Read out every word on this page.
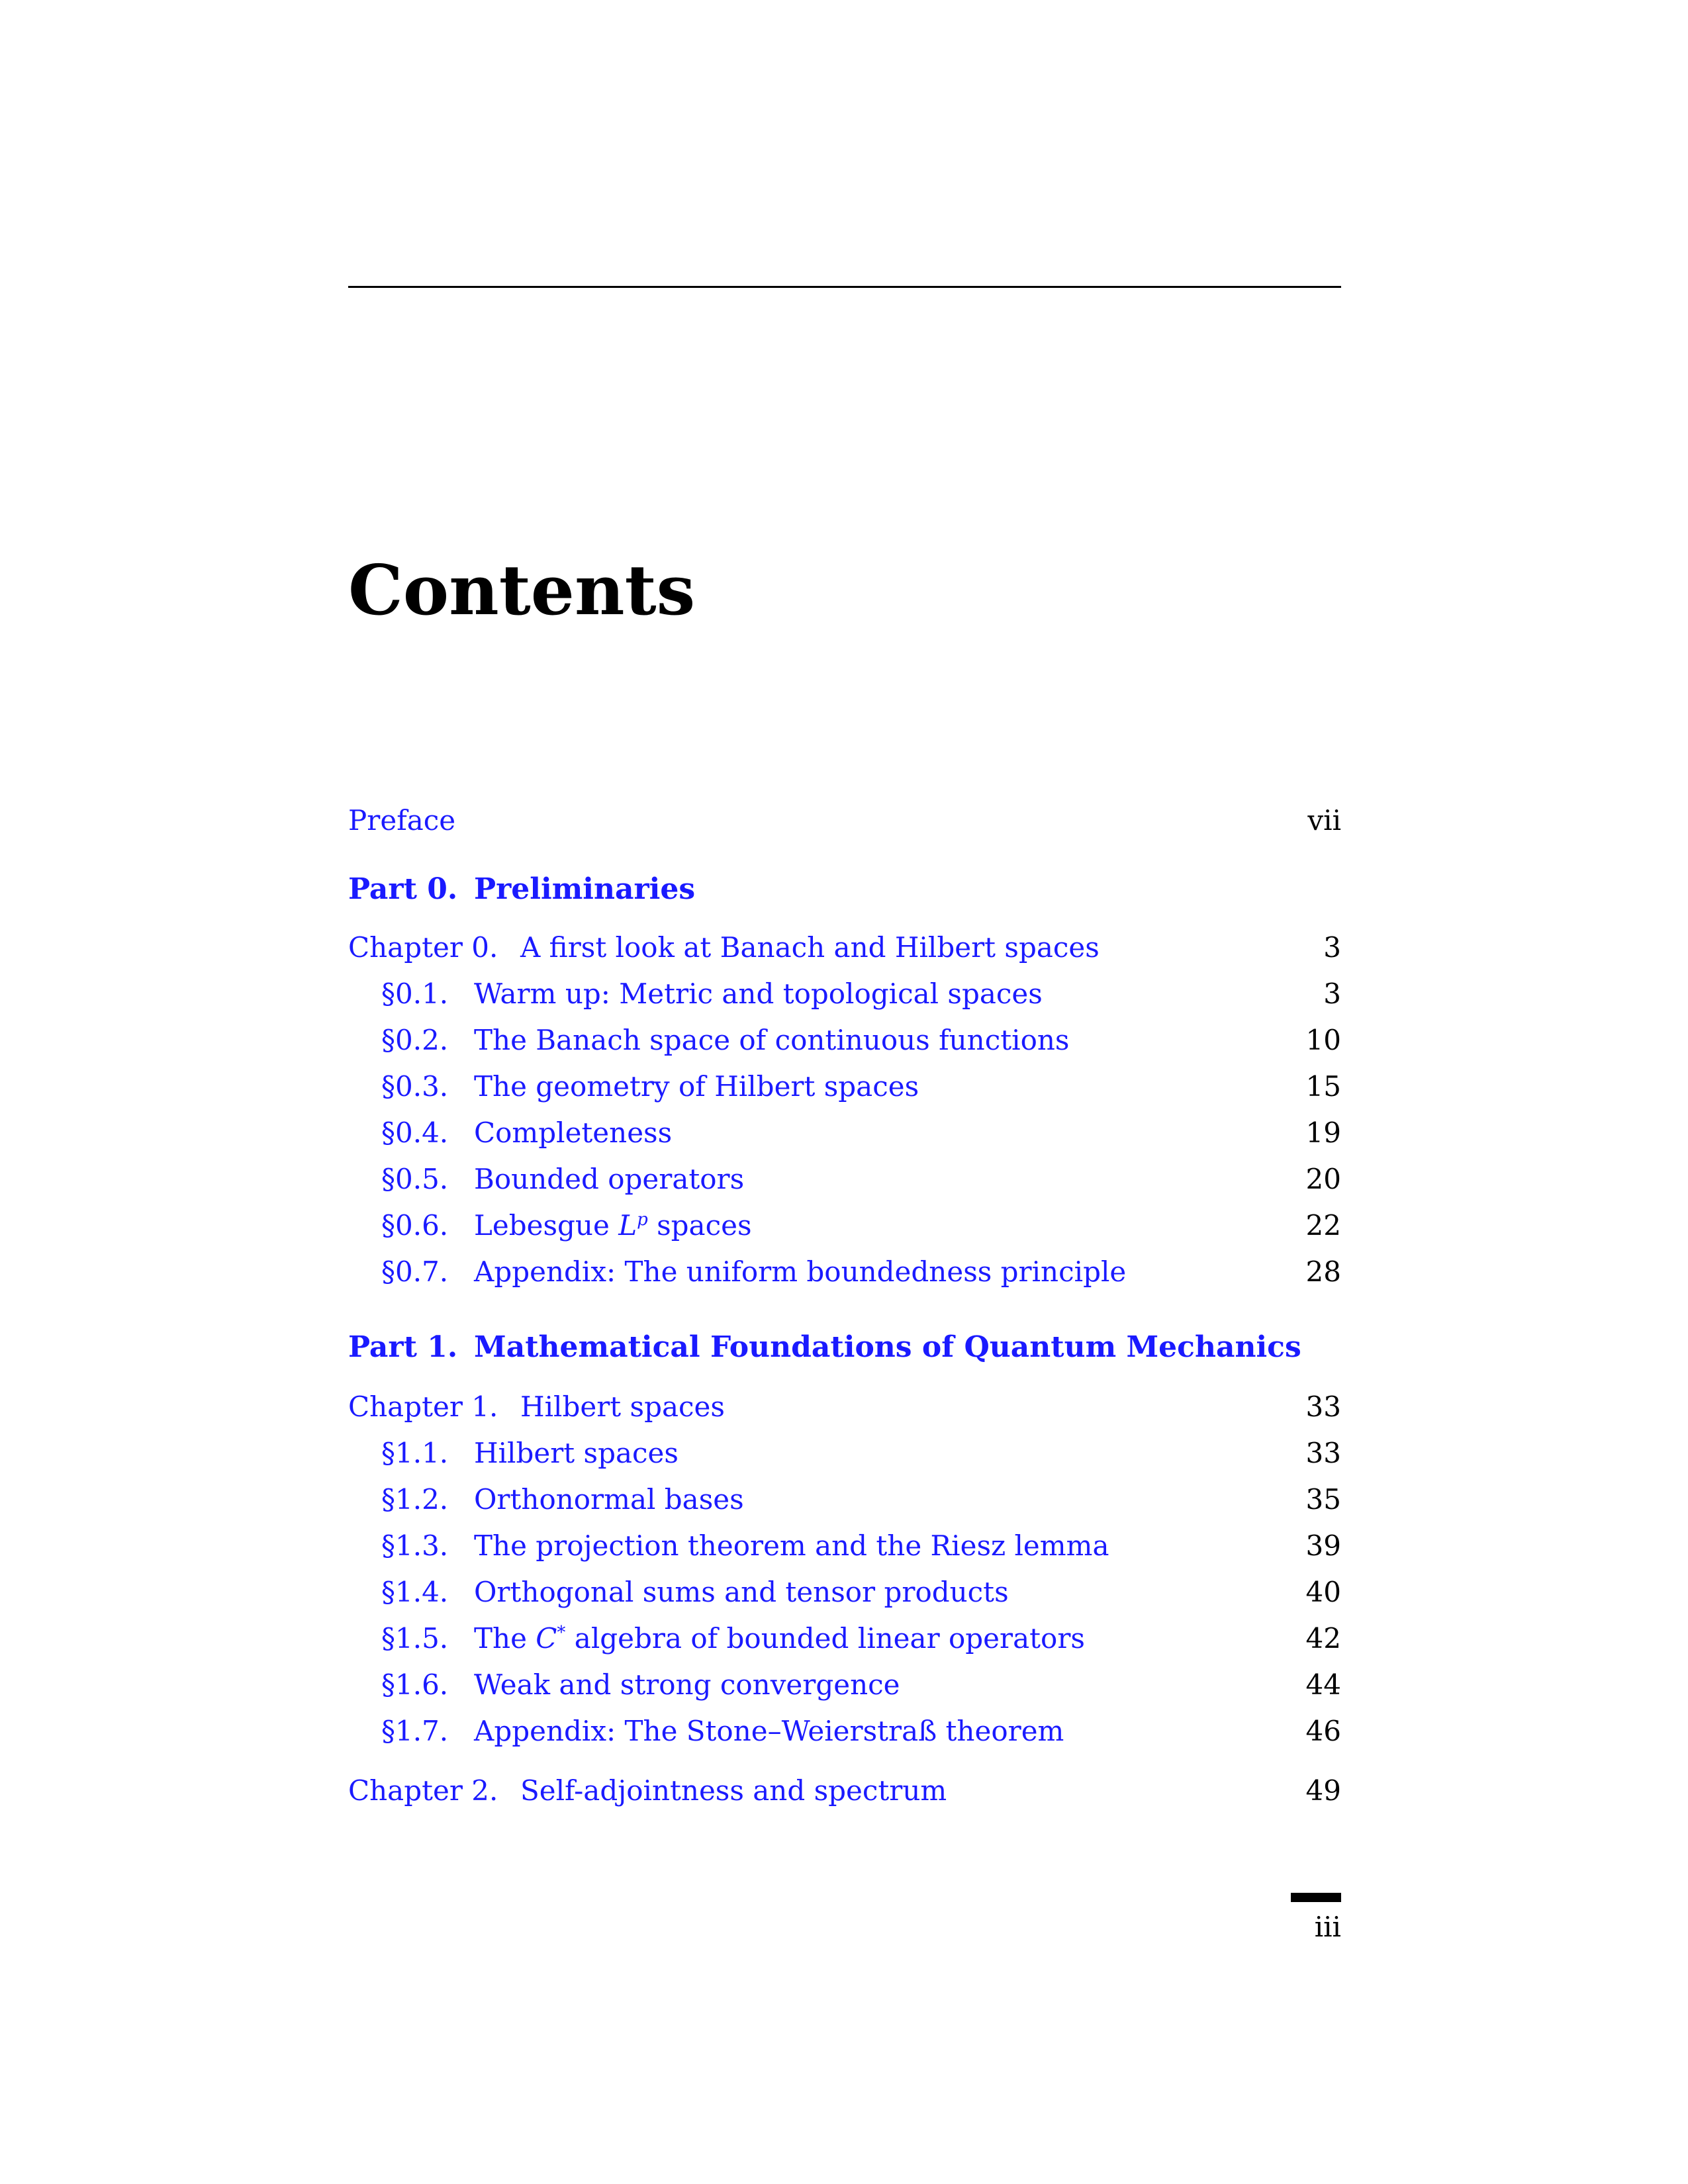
Contents
Preface	vii
Part 0. Preliminaries
Chapter 0. A first look at Banach and Hilbert spaces	3
§0.1. Warm up: Metric and topological spaces	3
§0.2. The Banach space of continuous functions	10
§0.3. The geometry of Hilbert spaces	15
§0.4. Completeness	19
§0.5. Bounded operators	20
§0.6. Lebesgue $L^p$ spaces	22
§0.7. Appendix: The uniform boundedness principle	28
Part 1. Mathematical Foundations of Quantum Mechanics
Chapter 1. Hilbert spaces	33
§1.1. Hilbert spaces	33
§1.2. Orthonormal bases	35
§1.3. The projection theorem and the Riesz lemma	39
§1.4. Orthogonal sums and tensor products	40
§1.5. The C* algebra of bounded linear operators	42
§1.6. Weak and strong convergence	44
§1.7. Appendix: The Stone–Weierstraß theorem	46
Chapter 2. Self-adjointness and spectrum	49
iii
